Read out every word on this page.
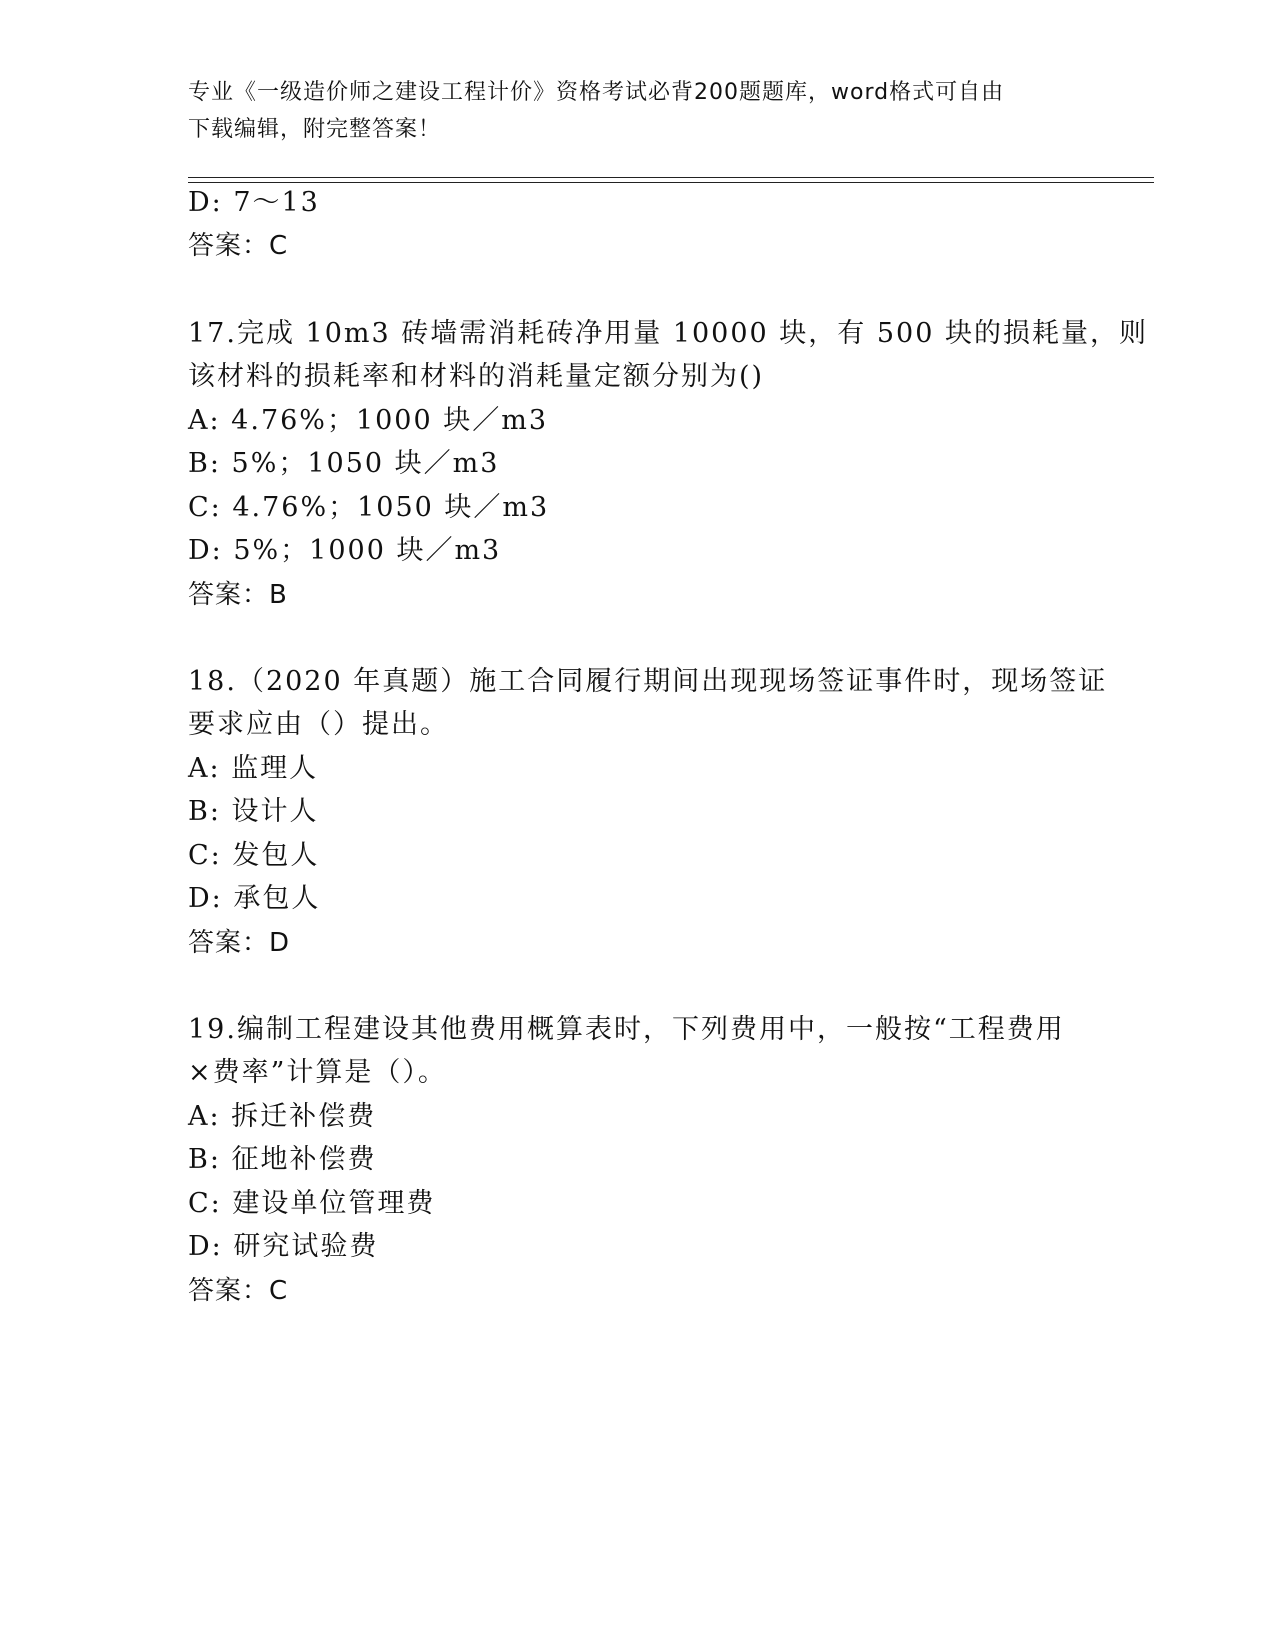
专业《一级造价师之建设工程计价》资格考试必背200题题库，word格式可自由
下载编辑，附完整答案！
D: 7～13
答案：C
17.完成 10m3 砖墙需消耗砖净用量 10000 块，有 500 块的损耗量，则
该材料的损耗率和材料的消耗量定额分别为()
A: 4.76%；1000 块／m3
B: 5%；1050 块／m3
C: 4.76%；1050 块／m3
D: 5%；1000 块／m3
答案：B
18.（2020 年真题）施工合同履行期间出现现场签证事件时，现场签证
要求应由（）提出。
A: 监理人
B: 设计人
C: 发包人
D: 承包人
答案：D
19.编制工程建设其他费用概算表时，下列费用中，一般按“工程费用
×费率”计算是（）。
A: 拆迁补偿费
B: 征地补偿费
C: 建设单位管理费
D: 研究试验费
答案：C
